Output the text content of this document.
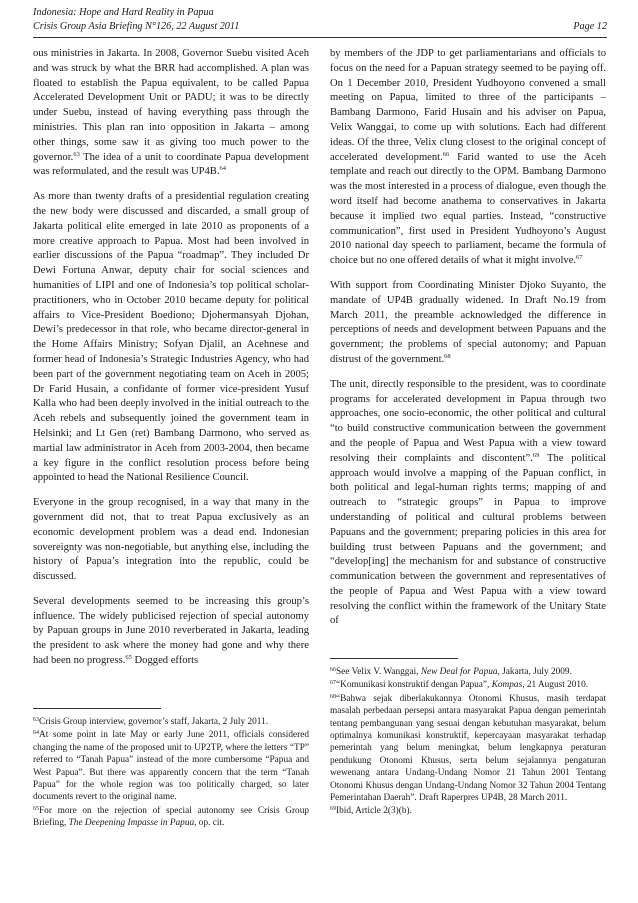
Indonesia: Hope and Hard Reality in Papua
Crisis Group Asia Briefing N°126, 22 August 2011	Page 12

ous ministries in Jakarta. In 2008, Governor Suebu visited Aceh and was struck by what the BRR had accomplished. A plan was floated to establish the Papua equivalent, to be called Papua Accelerated Development Unit or PADU; it was to be directly under Suebu, instead of having everything pass through the ministries. This plan ran into opposition in Jakarta – among other things, some saw it as giving too much power to the governor.$^{63}$ The idea of a unit to coordinate Papua development was reformulated, and the result was UP4B.$^{64}$

As more than twenty drafts of a presidential regulation creating the new body were discussed and discarded, a small group of Jakarta political elite emerged in late 2010 as proponents of a more creative approach to Papua. Most had been involved in earlier discussions of the Papua “roadmap”. They included Dr Dewi Fortuna Anwar, deputy chair for social sciences and humanities of LIPI and one of Indonesia’s top political scholar-practitioners, who in October 2010 became deputy for political affairs to Vice-President Boediono; Djohermansyah Djohan, Dewi’s predecessor in that role, who became director-general in the Home Affairs Ministry; Sofyan Djalil, an Acehnese and former head of Indonesia’s Strategic Industries Agency, who had been part of the government negotiating team on Aceh in 2005; Dr Farid Husain, a confidante of former vice-president Yusuf Kalla who had been deeply involved in the initial outreach to the Aceh rebels and subsequently joined the government team in Helsinki; and Lt Gen (ret) Bambang Darmono, who served as martial law administrator in Aceh from 2003-2004, then became a key figure in the conflict resolution process before being appointed to head the National Resilience Council.

Everyone in the group recognised, in a way that many in the government did not, that to treat Papua exclusively as an economic development problem was a dead end. Indonesian sovereignty was non-negotiable, but anything else, including the history of Papua’s integration into the republic, could be discussed.

Several developments seemed to be increasing this group’s influence. The widely publicised rejection of special autonomy by Papuan groups in June 2010 reverberated in Jakarta, leading the president to ask where the money had gone and why there had been no progress.$^{65}$ Dogged efforts

$^{63}$Crisis Group interview, governor’s staff, Jakarta, 2 July 2011.
$^{64}$At some point in late May or early June 2011, officials considered changing the name of the proposed unit to UP2TP, where the letters “TP” referred to “Tanah Papua” instead of the more cumbersome “Papua and West Papua”. But there was apparently concern that the term “Tanah Papua” for the whole region was too politically charged, so later documents revert to the original name.
$^{65}$For more on the rejection of special autonomy see Crisis Group Briefing, The Deepening Impasse in Papua, op. cit.

by members of the JDP to get parliamentarians and officials to focus on the need for a Papuan strategy seemed to be paying off. On 1 December 2010, President Yudhoyono convened a small meeting on Papua, limited to three of the participants – Bambang Darmono, Farid Husain and his adviser on Papua, Velix Wanggai, to come up with solutions. Each had different ideas. Of the three, Velix clung closest to the original concept of accelerated development.$^{66}$ Farid wanted to use the Aceh template and reach out directly to the OPM. Bambang Darmono was the most interested in a process of dialogue, even though the word itself had become anathema to conservatives in Jakarta because it implied two equal parties. Instead, “constructive communication”, first used in President Yudhoyono’s August 2010 national day speech to parliament, became the formula of choice but no one offered details of what it might involve.$^{67}$

With support from Coordinating Minister Djoko Suyanto, the mandate of UP4B gradually widened. In Draft No.19 from March 2011, the preamble acknowledged the difference in perceptions of needs and development between Papuans and the government; the problems of special autonomy; and Papuan distrust of the government.$^{68}$

The unit, directly responsible to the president, was to coordinate programs for accelerated development in Papua through two approaches, one socio-economic, the other political and cultural “to build constructive communication between the government and the people of Papua and West Papua with a view toward resolving their complaints and discontent”.$^{69}$ The political approach would involve a mapping of the Papuan conflict, in both political and legal-human rights terms; mapping of and outreach to “strategic groups” in Papua to improve understanding of political and cultural problems between Papuans and the government; preparing policies in this area for building trust between Papuans and the government; and “develop[ing] the mechanism for and substance of constructive communication between the government and representatives of the people of Papua and West Papua with a view toward resolving the conflict within the framework of the Unitary State of

$^{66}$See Velix V. Wanggai, New Deal for Papua, Jakarta, July 2009.
$^{67}$“Komunikasi konstruktif dengan Papua”, Kompas, 21 August 2010.
$^{68}$“Bahwa sejak diberlakukannya Otonomi Khusus, masih terdapat masalah perbedaan persepsi antara masyarakat Papua dengan pemerintah tentang pembangunan yang sesuai dengan kebutuhan masyarakat, belum optimalnya komunikasi konstruktif, kepercayaan masyarakat terhadap pemerintah yang belum meningkat, belum lengkapnya peraturan pendukung Otonomi Khusus, serta belum sejalannya pengaturan wewenang antara Undang-Undang Nomor 21 Tahun 2001 Tentang Otonomi Khusus dengan Undang-Undang Nomor 32 Tahun 2004 Tentang Pemerintahan Daerah”. Draft Raperpres UP4B, 28 March 2011.
$^{69}$Ibid, Article 2(3)(b).
